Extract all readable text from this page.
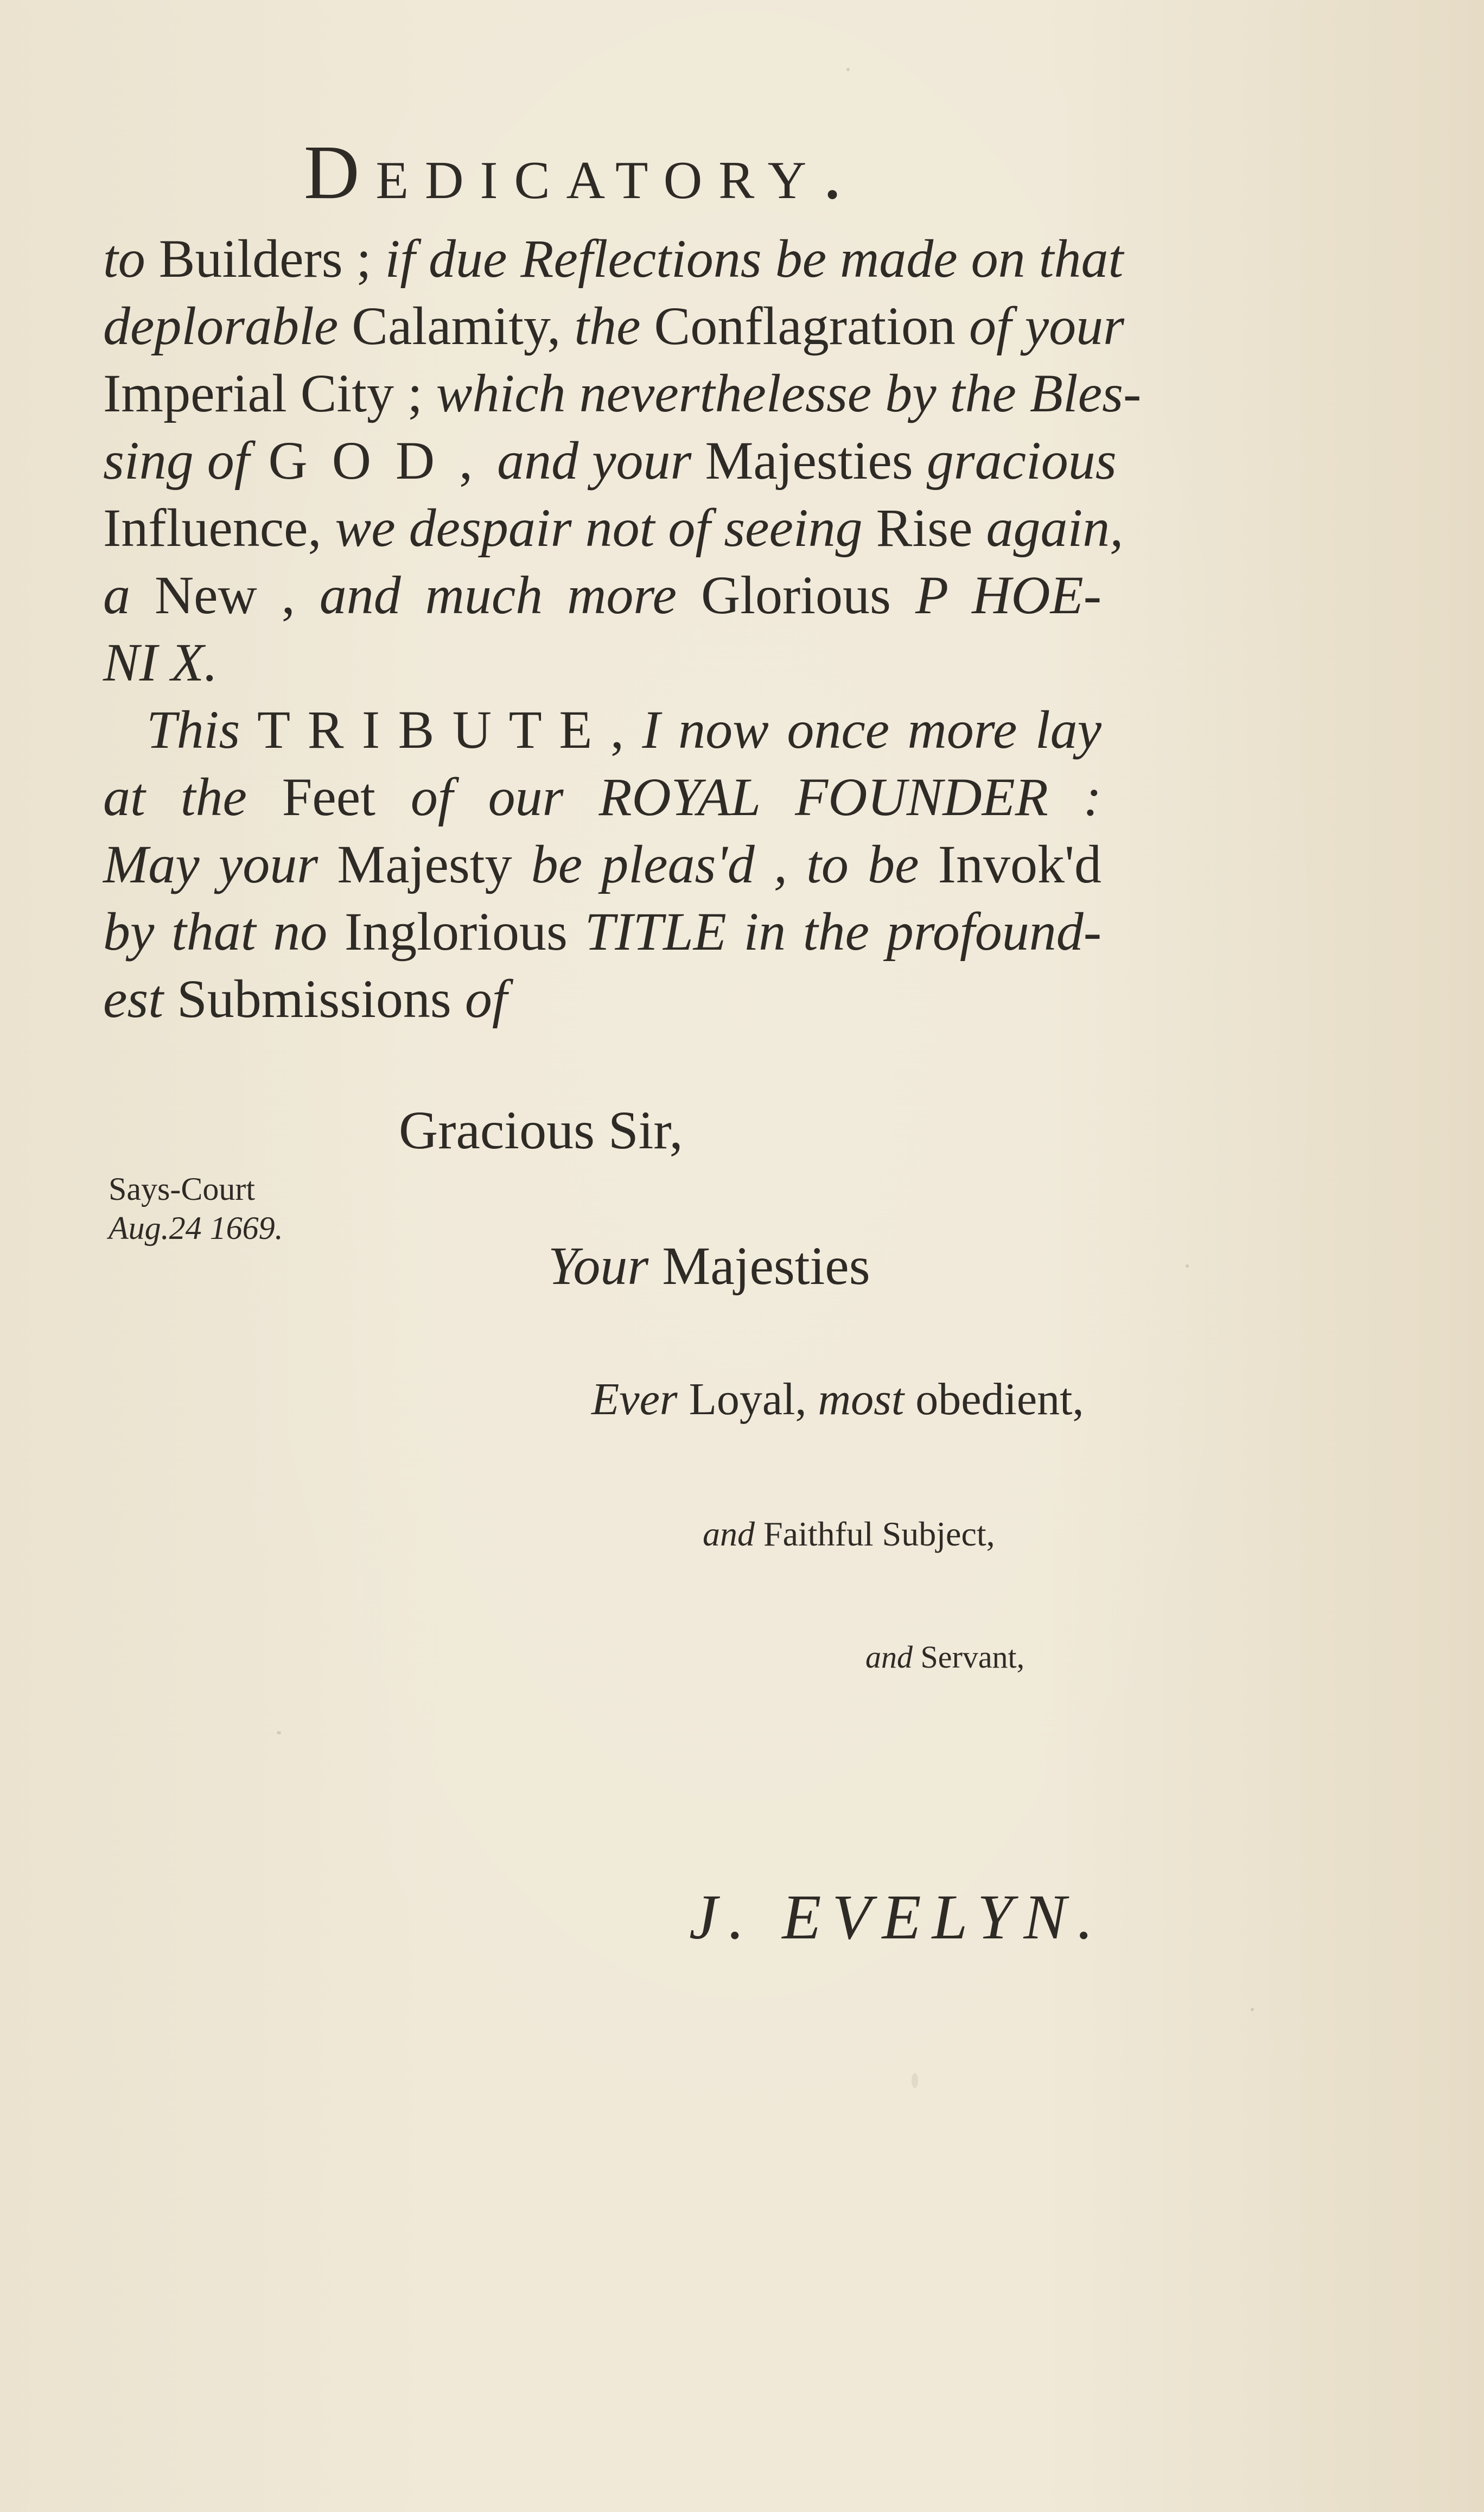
Dedicatory.
to Builders ; if due Reflections be made on that
deplorable Calamity, the Conflagration of your
Imperial City ; which neverthelesse by the Bles-
sing of G O D , and your Majesties gracious
Influence, we despair not of seeing Rise again,
a New , and much more Glorious P HOE-
NI X.
This T R I B U T E , I now once more lay
at the Feet of our ROYAL FOUNDER :
May your Majesty be pleas'd , to be Invok'd
by that no Inglorious TITLE in the profound-
est Submissions of
Gracious Sir,
Says-Court
Aug.24 1669.
Your Majesties
Ever Loyal, most obedient,
and Faithful Subject,
and Servant,
J. EVELYN.
